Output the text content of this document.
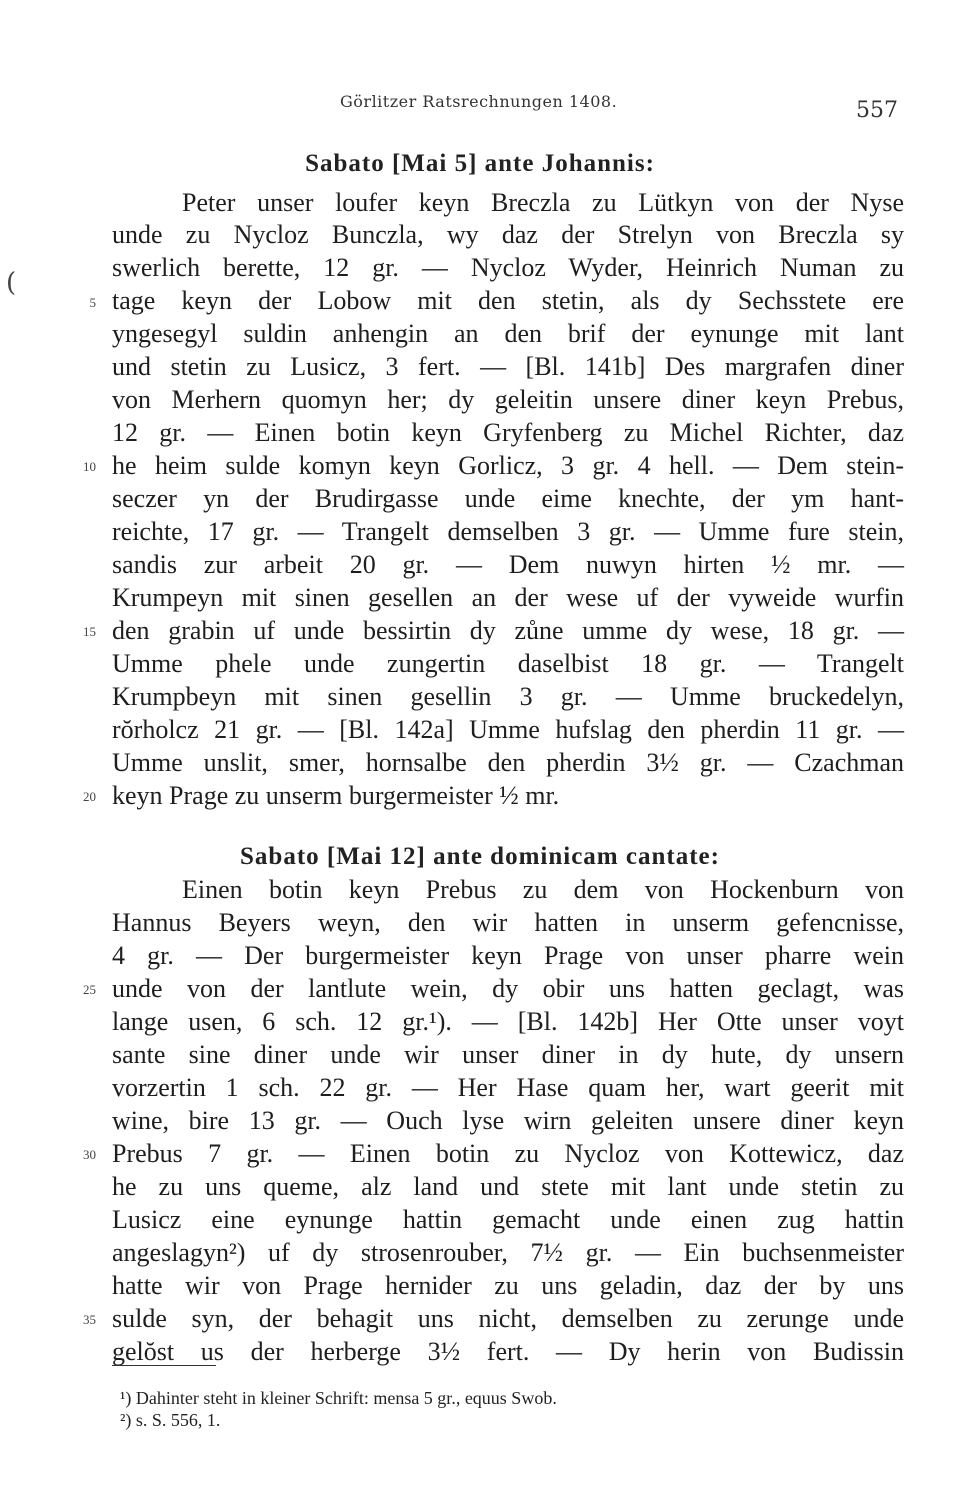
Görlitzer Ratsrechnungen 1408.	557
(
Sabato [Mai 5] ante Johannis:
Peter unser loufer keyn Breczla zu Lütkyn von der Nyse
unde zu Nycloz Bunczla, wy daz der Strelyn von Breczla sy
swerlich berette, 12 gr. — Nycloz Wyder, Heinrich Numan zu
5 tage keyn der Lobow mit den stetin, als dy Sechsstete ere
yngesegyl suldin anhengin an den brif der eynunge mit lant
und stetin zu Lusicz, 3 fert. — [Bl. 141b] Des margrafen diner
von Merhern quomyn her; dy geleitin unsere diner keyn Prebus,
12 gr. — Einen botin keyn Gryfenberg zu Michel Richter, daz
10 he heim sulde komyn keyn Gorlicz, 3 gr. 4 hell. — Dem stein-
seczer yn der Brudirgasse unde eime knechte, der ym hant-
reichte, 17 gr. — Trangelt demselben 3 gr. — Umme fure stein,
sandis zur arbeit 20 gr. — Dem nuwyn hirten ½ mr. —
Krumpeyn mit sinen gesellen an der wese uf der vyweide wurfin
15 den grabin uf unde bessirtin dy zůne umme dy wese, 18 gr. —
Umme phele unde zungertin daselbist 18 gr. — Trangelt
Krumpbeyn mit sinen gesellin 3 gr. — Umme bruckedelyn,
rŏrholcz 21 gr. — [Bl. 142a] Umme hufslag den pherdin 11 gr. —
Umme unslit, smer, hornsalbe den pherdin 3½ gr. — Czachman
20 keyn Prage zu unserm burgermeister ½ mr.
Sabato [Mai 12] ante dominicam cantate:
Einen botin keyn Prebus zu dem von Hockenburn von
Hannus Beyers weyn, den wir hatten in unserm gefencnisse,
4 gr. — Der burgermeister keyn Prage von unser pharre wein
25 unde von der lantlute wein, dy obir uns hatten geclagt, was
lange usen, 6 sch. 12 gr.¹). — [Bl. 142b] Her Otte unser voyt
sante sine diner unde wir unser diner in dy hute, dy unsern
vorzertin 1 sch. 22 gr. — Her Hase quam her, wart geerit mit
wine, bire 13 gr. — Ouch lyse wirn geleiten unsere diner keyn
30 Prebus 7 gr. — Einen botin zu Nycloz von Kottewicz, daz
he zu uns queme, alz land und stete mit lant unde stetin zu
Lusicz eine eynunge hattin gemacht unde einen zug hattin
angeslagyn²) uf dy strosenrouber, 7½ gr. — Ein buchsenmeister
hatte wir von Prage hernider zu uns geladin, daz der by uns
35 sulde syn, der behagit uns nicht, demselben zu zerunge unde
gelŏst us der herberge 3½ fert. — Dy herin von Budissin
¹) Dahinter steht in kleiner Schrift: mensa 5 gr., equus Swob.
²) s. S. 556, 1.
